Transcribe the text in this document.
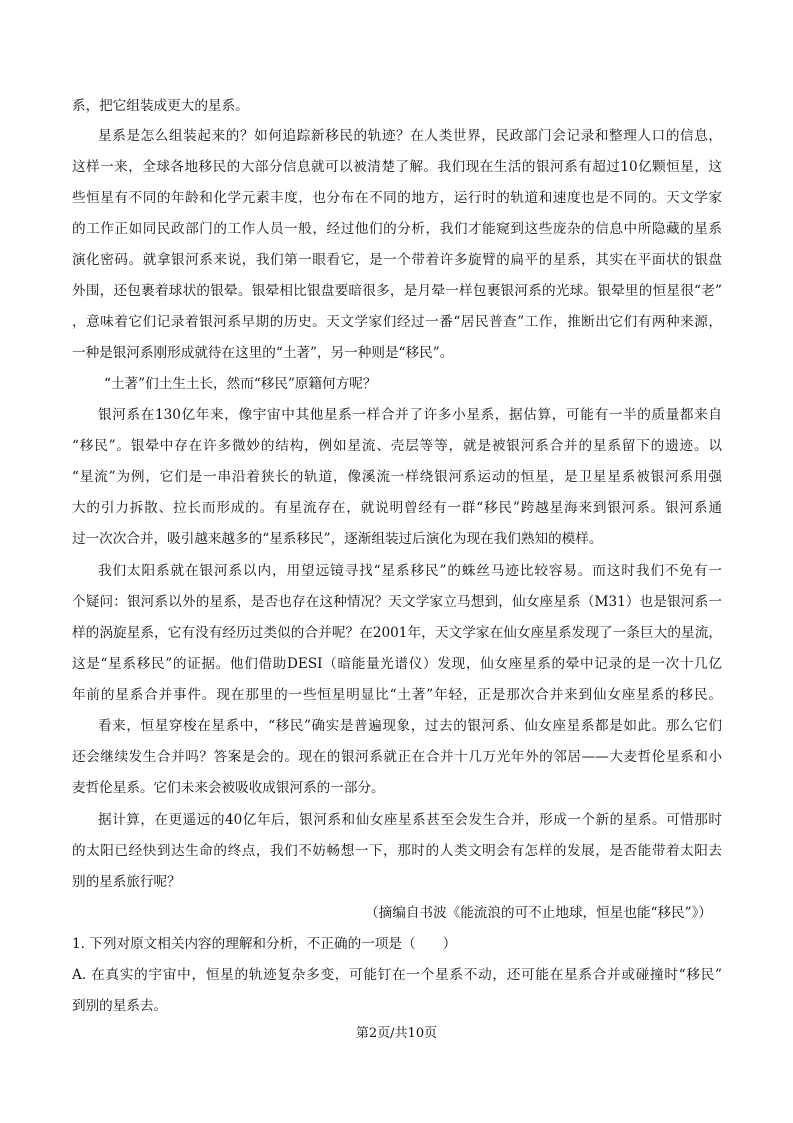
系，把它组装成更大的星系。
星系是怎么组装起来的？如何追踪新移民的轨迹？在人类世界，民政部门会记录和整理人口的信息，
这样一来，全球各地移民的大部分信息就可以被清楚了解。我们现在生活的银河系有超过10亿颗恒星，这
些恒星有不同的年龄和化学元素丰度，也分布在不同的地方，运行时的轨道和速度也是不同的。天文学家
的工作正如同民政部门的工作人员一般，经过他们的分析，我们才能窥到这些庞杂的信息中所隐藏的星系
演化密码。就拿银河系来说，我们第一眼看它，是一个带着许多旋臂的扁平的星系，其实在平面状的银盘
外围，还包裹着球状的银晕。银晕相比银盘要暗很多，是月晕一样包裹银河系的光球。银晕里的恒星很“老”
，意味着它们记录着银河系早期的历史。天文学家们经过一番“居民普查”工作，推断出它们有两种来源，
一种是银河系刚形成就待在这里的“土著”，另一种则是“移民”。
“土著”们土生土长，然而“移民”原籍何方呢？
银河系在130亿年来，像宇宙中其他星系一样合并了许多小星系，据估算，可能有一半的质量都来自
“移民”。银晕中存在许多微妙的结构，例如星流、壳层等等，就是被银河系合并的星系留下的遗迹。以
“星流”为例，它们是一串沿着狭长的轨道，像溪流一样绕银河系运动的恒星，是卫星星系被银河系用强
大的引力拆散、拉长而形成的。有星流存在，就说明曾经有一群“移民”跨越星海来到银河系。银河系通
过一次次合并，吸引越来越多的“星系移民”，逐渐组装过后演化为现在我们熟知的模样。
我们太阳系就在银河系以内，用望远镜寻找“星系移民”的蛛丝马迹比较容易。而这时我们不免有一
个疑问：银河系以外的星系，是否也存在这种情况？天文学家立马想到，仙女座星系（M31）也是银河系一
样的涡旋星系，它有没有经历过类似的合并呢？在2001年，天文学家在仙女座星系发现了一条巨大的星流，
这是“星系移民”的证据。他们借助DESI（暗能量光谱仪）发现，仙女座星系的晕中记录的是一次十几亿
年前的星系合并事件。现在那里的一些恒星明显比“土著”年轻，正是那次合并来到仙女座星系的移民。
看来，恒星穿梭在星系中，“移民”确实是普遍现象，过去的银河系、仙女座星系都是如此。那么它们
还会继续发生合并吗？答案是会的。现在的银河系就正在合并十几万光年外的邻居——大麦哲伦星系和小
麦哲伦星系。它们未来会被吸收成银河系的一部分。
据计算，在更遥远的40亿年后，银河系和仙女座星系甚至会发生合并，形成一个新的星系。可惜那时
的太阳已经快到达生命的终点，我们不妨畅想一下，那时的人类文明会有怎样的发展，是否能带着太阳去
别的星系旅行呢？
（摘编自书波《能流浪的可不止地球，恒星也能“移民”》）
1. 下列对原文相关内容的理解和分析，不正确的一项是（　　）
A. 在真实的宇宙中，恒星的轨迹复杂多变，可能钉在一个星系不动，还可能在星系合并或碰撞时“移民”
到别的星系去。
第2页/共10页
